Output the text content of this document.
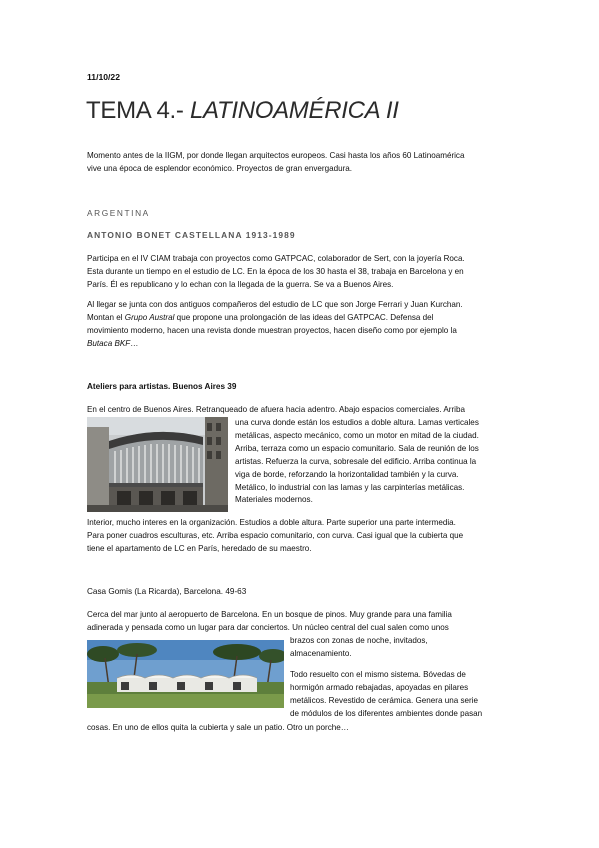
11/10/22
TEMA 4.- LATINOAMÉRICA II
Momento antes de la IIGM, por donde llegan arquitectos europeos. Casi hasta los años 60 Latinoamérica
vive una época de esplendor económico. Proyectos de gran envergadura.
ARGENTINA
ANTONIO BONET CASTELLANA 1913-1989
Participa en el IV CIAM trabaja con proyectos como GATPCAC, colaborador de Sert, con la joyería Roca.
Esta durante un tiempo en el estudio de LC. En la época de los 30 hasta el 38, trabaja en Barcelona y en
París. Él es republicano y lo echan con la llegada de la guerra. Se va a Buenos Aires.
Al llegar se junta con dos antiguos compañeros del estudio de LC que son Jorge Ferrari y Juan Kurchan.
Montan el Grupo Austral que propone una prolongación de las ideas del GATPCAC. Defensa del
movimiento moderno, hacen una revista donde muestran proyectos, hacen diseño como por ejemplo la
Butaca BKF…
Ateliers para artistas. Buenos Aires 39
En el centro de Buenos Aires. Retranqueado de afuera hacia adentro. Abajo espacios comerciales. Arriba
una curva donde están los estudios a doble altura. Lamas verticales
metálicas, aspecto mecánico, como un motor en mitad de la ciudad.
Arriba, terraza como un espacio comunitario. Sala de reunión de los
artistas. Refuerza la curva, sobresale del edificio. Arriba continua la
viga de borde, reforzando la horizontalidad también y la curva.
Metálico, lo industrial con las lamas y las carpinterías metálicas.
Materiales modernos.
Interior, mucho interes en la organización. Estudios a doble altura. Parte superior una parte intermedia.
Para poner cuadros esculturas, etc. Arriba espacio comunitario, con curva. Casi igual que la cubierta que
tiene el apartamento de LC en París, heredado de su maestro.
Casa Gomis (La Ricarda), Barcelona. 49-63
Cerca del mar junto al aeropuerto de Barcelona. En un bosque de pinos. Muy grande para una familia
adinerada y pensada como un lugar para dar conciertos. Un núcleo central del cual salen como unos
brazos con zonas de noche, invitados,
almacenamiento.
Todo resuelto con el mismo sistema. Bóvedas de
hormigón armado rebajadas, apoyadas en pilares
metálicos. Revestido de cerámica. Genera una serie
de módulos de los diferentes ambientes donde pasan
cosas. En uno de ellos quita la cubierta y sale un patio. Otro un porche…
